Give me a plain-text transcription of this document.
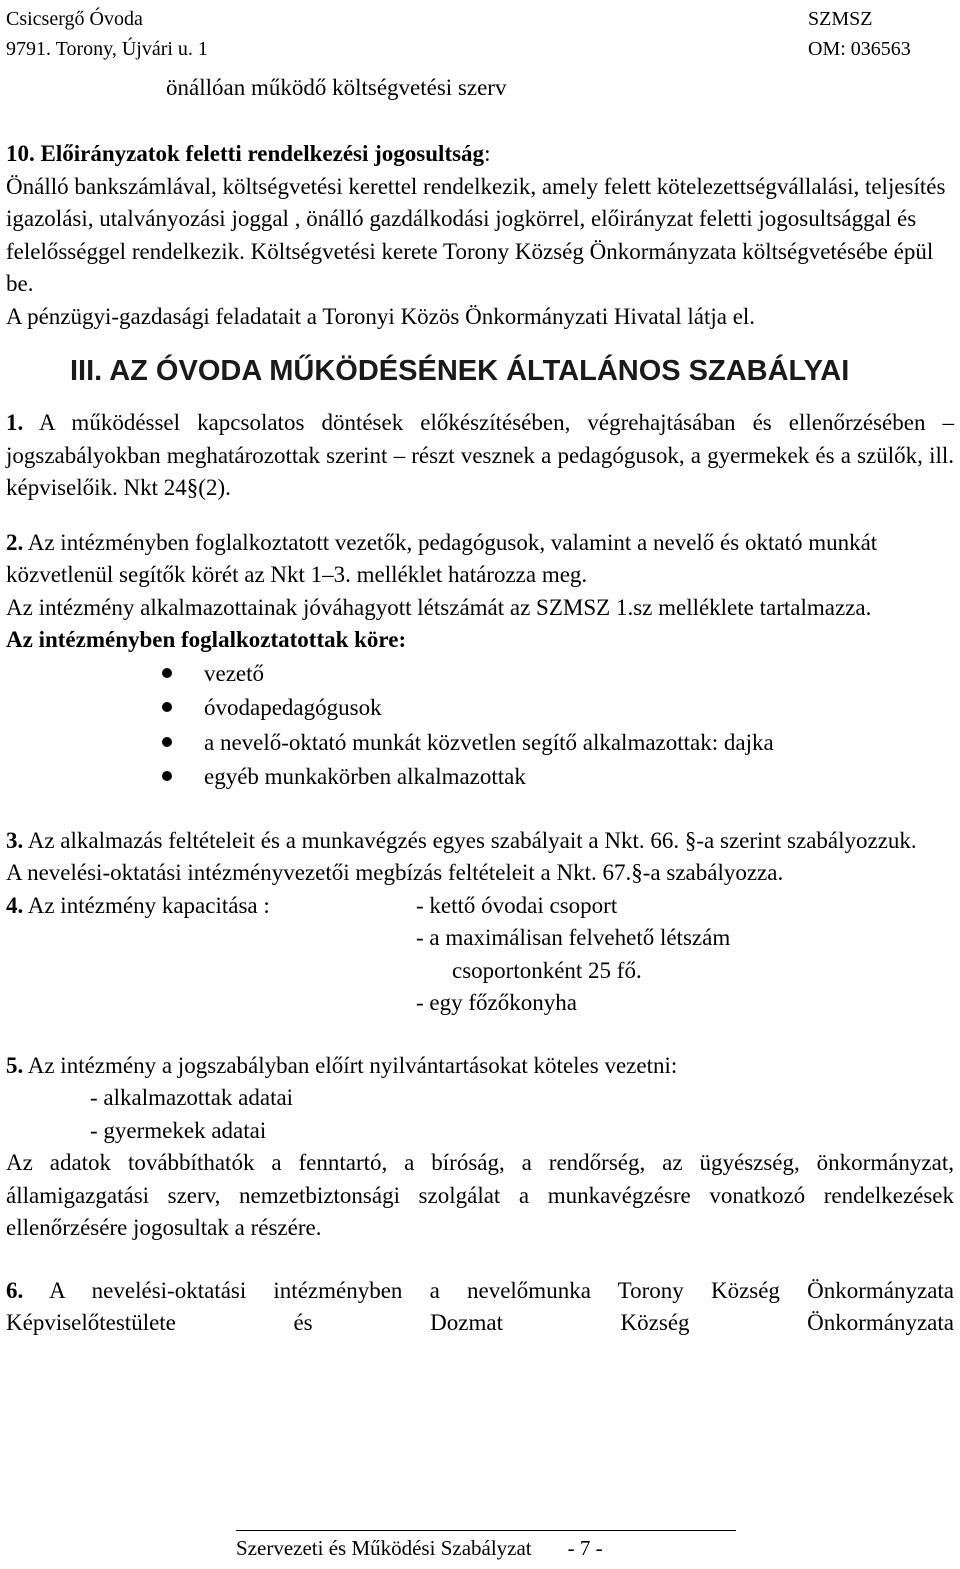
Csicsergő Óvoda
9791. Torony, Újvári u. 1
SZMSZ
OM: 036563
önállóan működő költségvetési szerv

10. Előirányzatok feletti rendelkezési jogosultság:

Önálló bankszámlával, költségvetési kerettel rendelkezik, amely felett kötelezettségvállalási, teljesítés igazolási, utalványozási joggal , önálló gazdálkodási jogkörrel, előirányzat feletti jogosultsággal és felelősséggel rendelkezik. Költségvetési kerete Torony Község Önkormányzata költségvetésébe épül be.

A pénzügyi-gazdasági feladatait a Toronyi Közös Önkormányzati Hivatal látja el.

III. AZ ÓVODA MŰKÖDÉSÉNEK ÁLTALÁNOS SZABÁLYAI

1. A működéssel kapcsolatos döntések előkészítésében, végrehajtásában és ellenőrzésében – jogszabályokban meghatározottak szerint – részt vesznek a pedagógusok, a gyermekek és a szülők, ill. képviselőik. Nkt 24§(2).

2. Az intézményben foglalkoztatott vezetők, pedagógusok, valamint a nevelő és oktató munkát közvetlenül segítők körét az Nkt 1–3. melléklet határozza meg.

Az intézmény alkalmazottainak jóváhagyott létszámát az SZMSZ 1.sz melléklete tartalmazza.

Az intézményben foglalkoztatottak köre:

vezető
óvodapedagógusok
a nevelő-oktató munkát közvetlen segítő alkalmazottak: dajka
egyéb munkakörben alkalmazottak

3. Az alkalmazás feltételeit és a munkavégzés egyes szabályait a Nkt. 66. §-a szerint szabályozzuk.

A nevelési-oktatási intézményvezetői megbízás feltételeit a Nkt. 67.§-a szabályozza.

4. Az intézmény kapacitása :	- kettő óvodai csoport

- a maximálisan felvehető létszám

csoportonként 25 fő.

- egy főzőkonyha

5. Az intézmény a jogszabályban előírt nyilvántartásokat köteles vezetni:

- alkalmazottak adatai

- gyermekek adatai

Az adatok továbbíthatók a fenntartó, a bíróság, a rendőrség, az ügyészség, önkormányzat, államigazgatási szerv, nemzetbiztonsági szolgálat a munkavégzésre vonatkozó rendelkezések ellenőrzésére jogosultak a részére.

6. A nevelési-oktatási intézményben a nevelőmunka Torony Község Önkormányzata Képviselőtestülete és Dozmat Község Önkormányzata

Szervezeti és Működési Szabályzat - 7 -
